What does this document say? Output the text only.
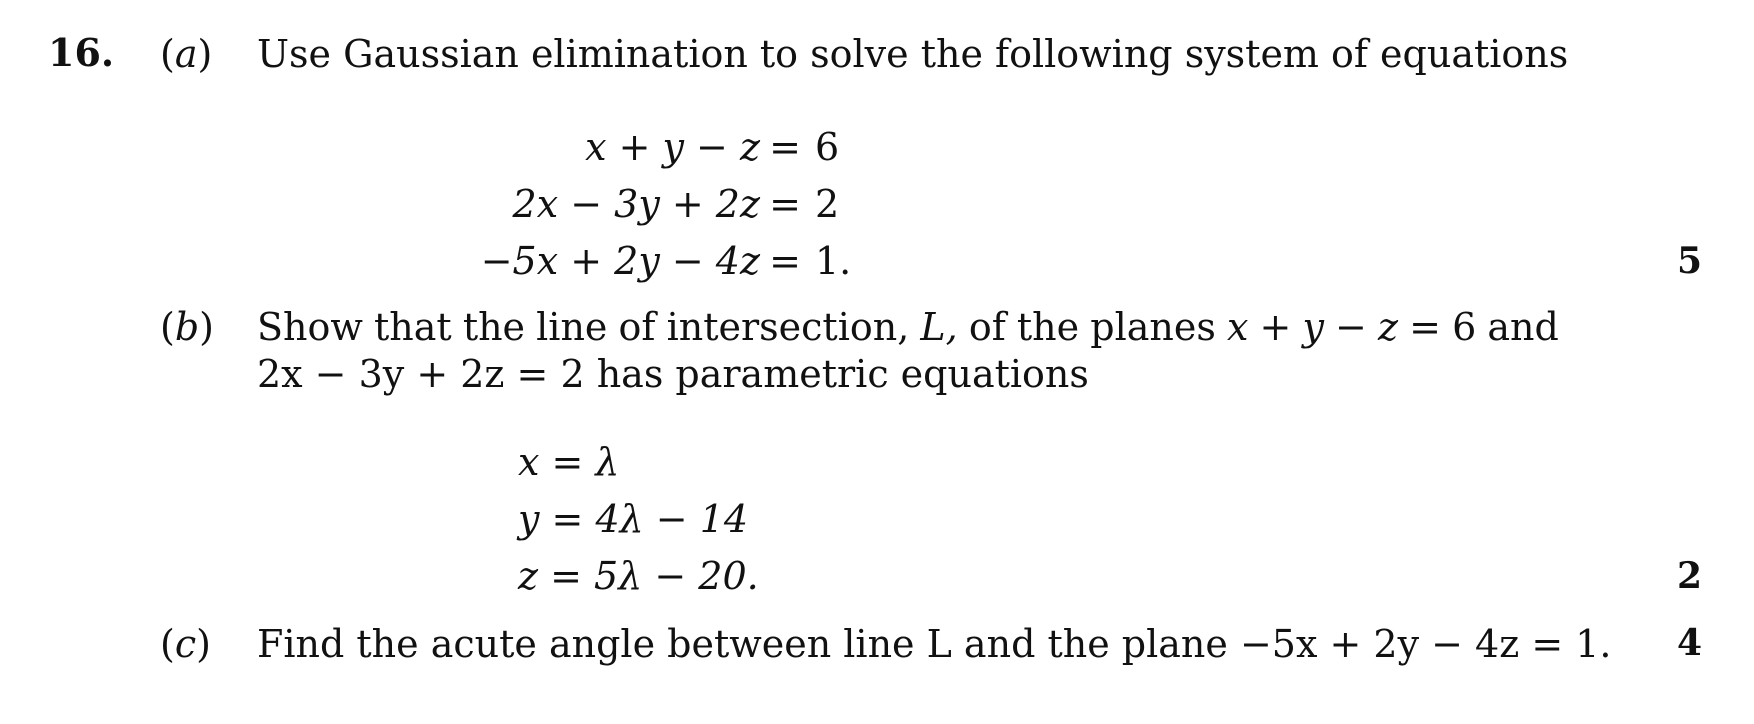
16. (a) Use Gaussian elimination to solve the following system of equations
x + y − z = 6
2x − 3y + 2z = 2
−5x + 2y − 4z = 1.	5
(b) Show that the line of intersection, L, of the planes x + y − z = 6 and
2x − 3y + 2z = 2 has parametric equations
x = λ
y = 4λ − 14
z = 5λ − 20.	2
(c) Find the acute angle between line L and the plane −5x + 2y − 4z = 1. 4
